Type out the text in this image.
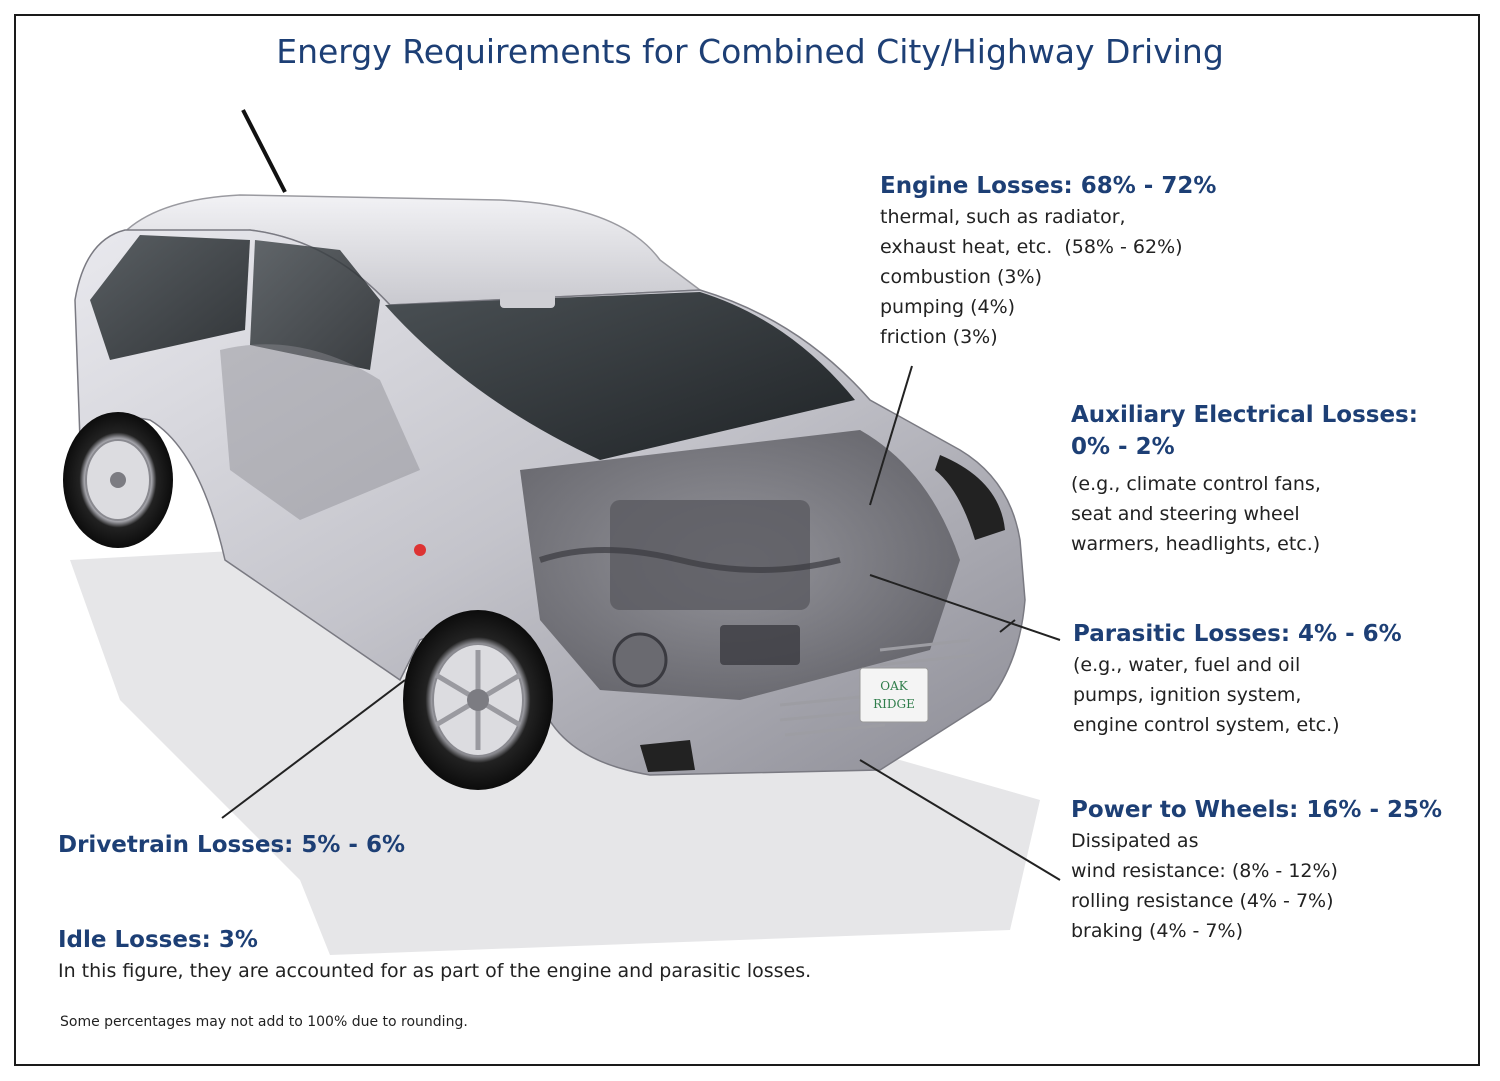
Energy Requirements for Combined City/Highway Driving
OAK
RIDGE
Engine Losses: 68% - 72%
thermal, such as radiator,
exhaust heat, etc.  (58% - 62%)
combustion (3%)
pumping (4%)
friction (3%)
Auxiliary Electrical Losses:
0% - 2%
(e.g., climate control fans,
seat and steering wheel
warmers, headlights, etc.)
Parasitic Losses: 4% - 6%
(e.g., water, fuel and oil
pumps, ignition system,
engine control system, etc.)
Power to Wheels: 16% - 25%
Dissipated as
wind resistance: (8% - 12%)
rolling resistance (4% - 7%)
braking (4% - 7%)
Drivetrain Losses: 5% - 6%
Idle Losses: 3%
In this figure, they are accounted for as part of the engine and parasitic losses.
Some percentages may not add to 100% due to rounding.
